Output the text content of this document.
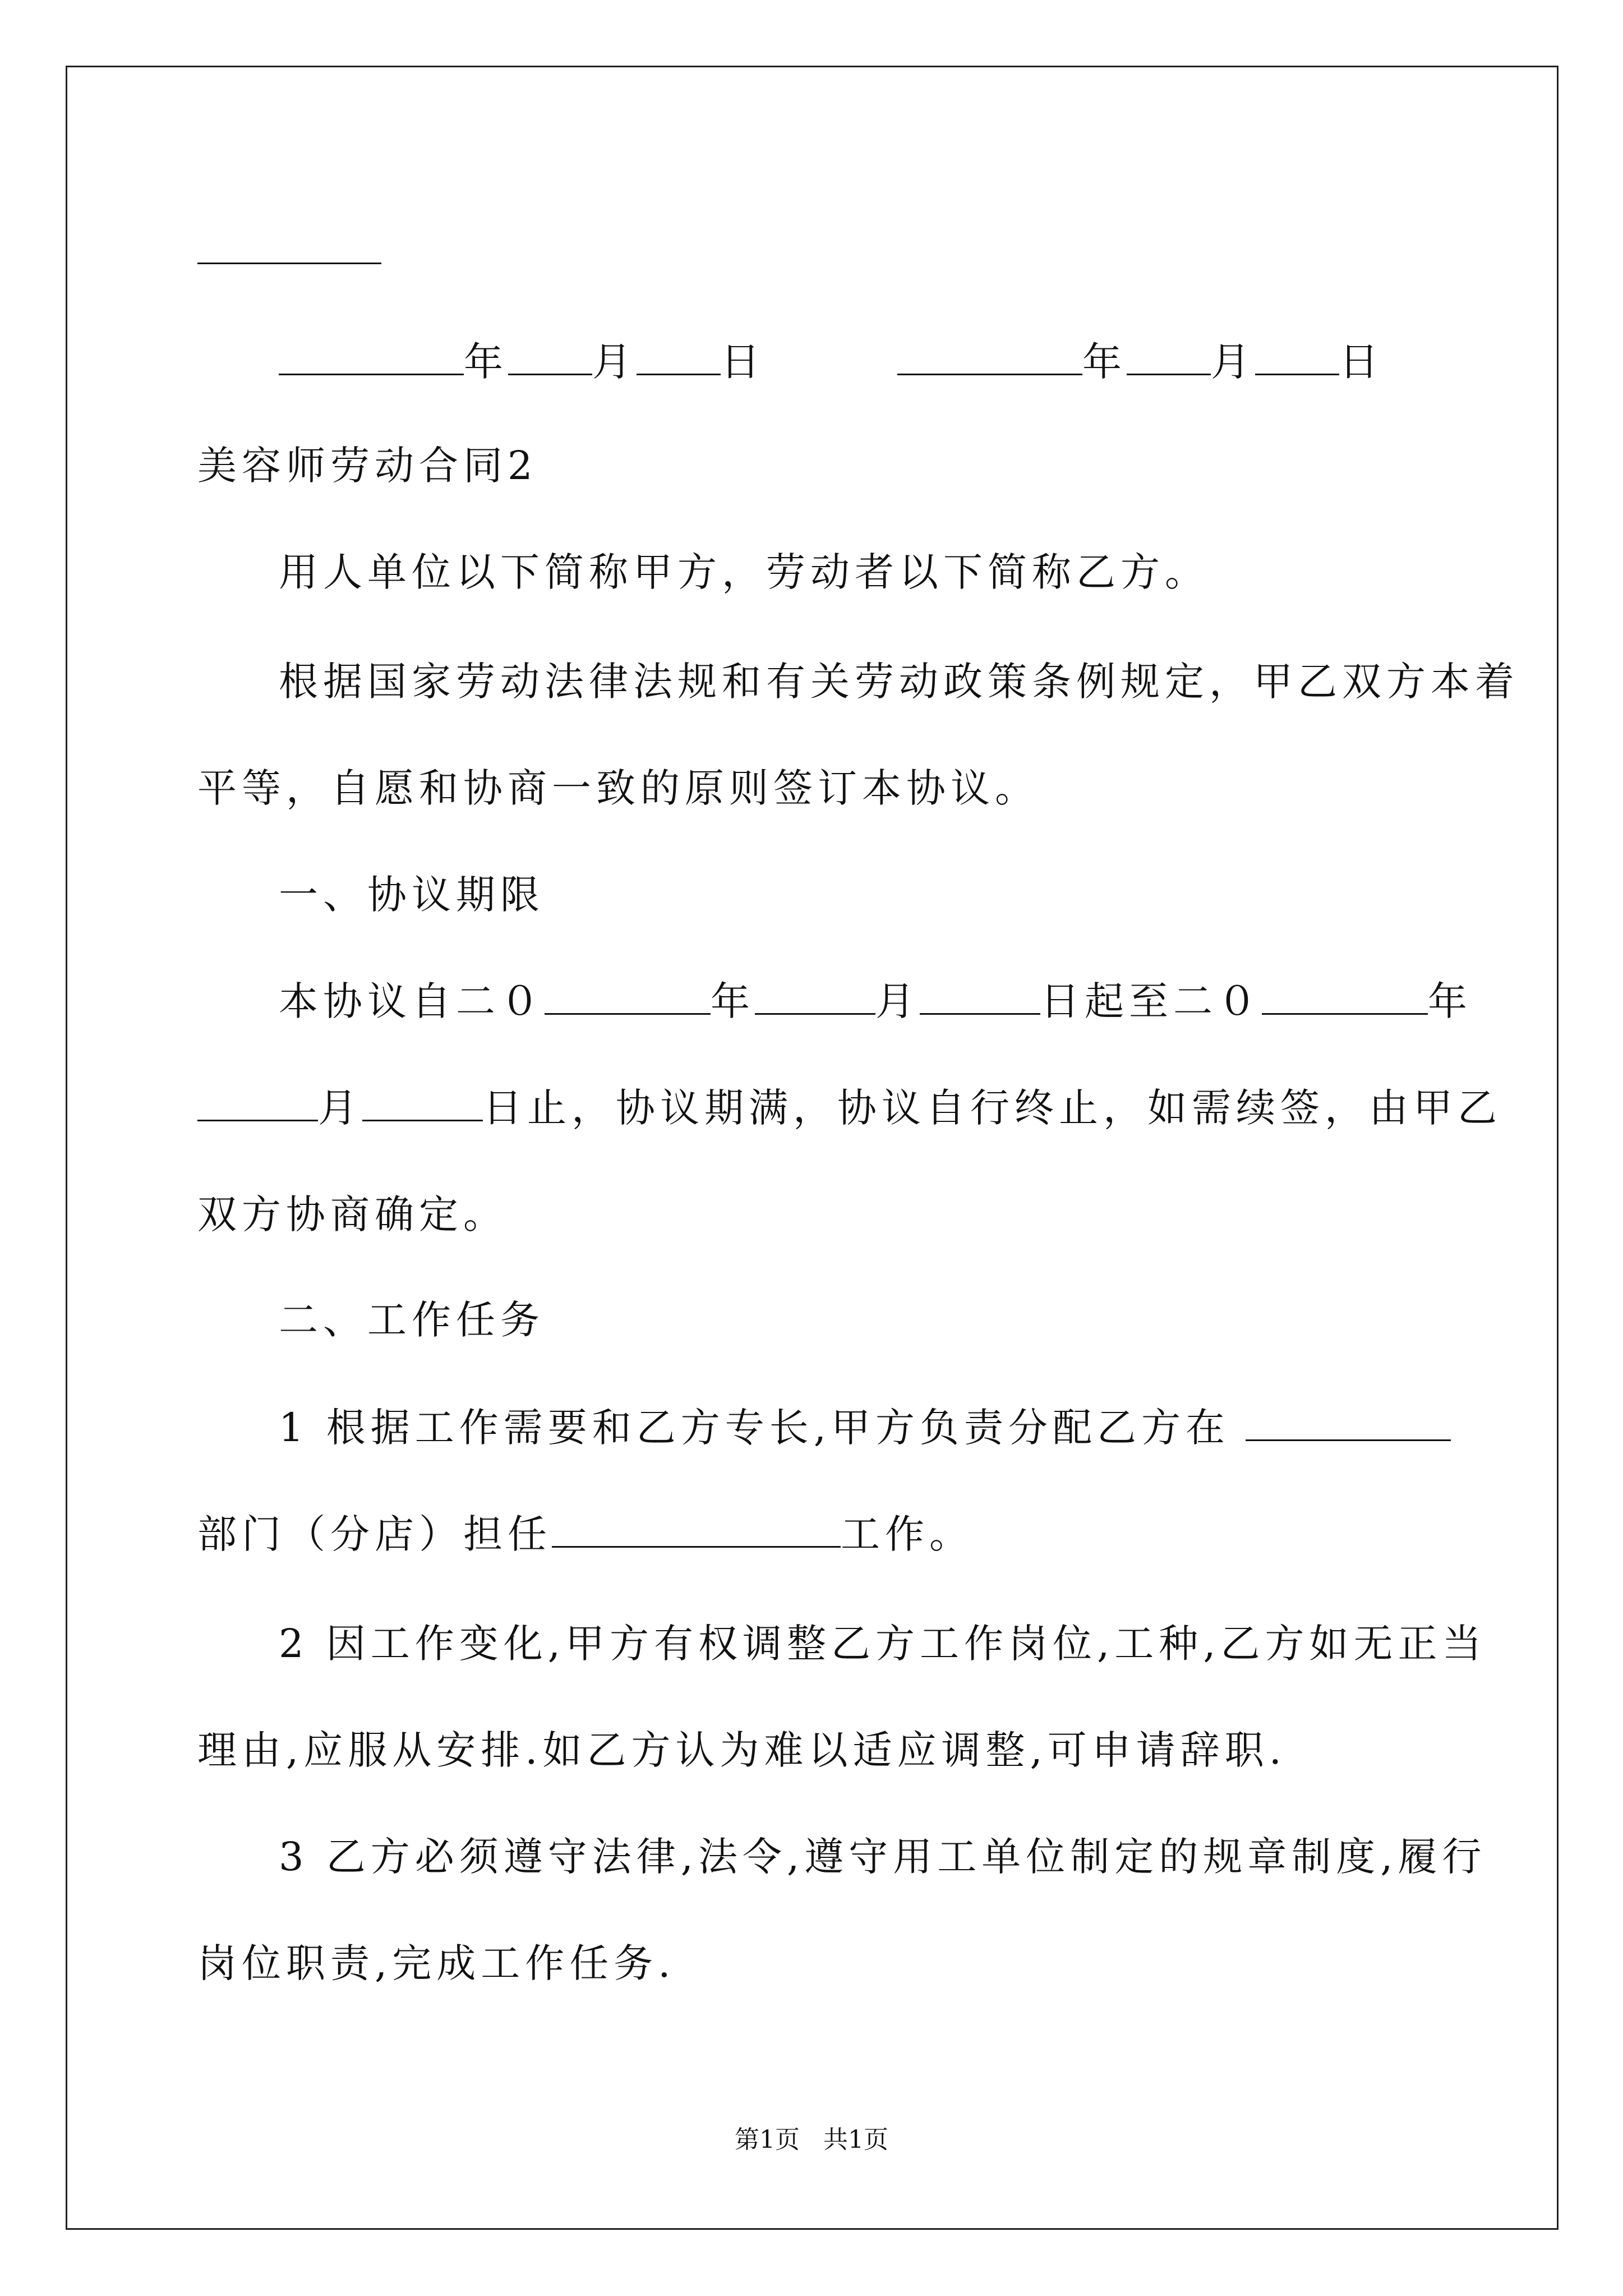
年 月 日	年 月 日
美容师劳动合同2
用人单位以下简称甲方，劳动者以下简称乙方。
根据国家劳动法律法规和有关劳动政策条例规定，甲乙双方本着
平等，自愿和协商一致的原则签订本协议。
一、协议期限
本协议自二０	年	月	日起至二０	年
月	日止，协议期满，协议自行终止，如需续签，由甲乙
双方协商确定。
二、工作任务
1 根据工作需要和乙方专长,甲方负责分配乙方在
部门（分店）担任	工作。
2 因工作变化,甲方有权调整乙方工作岗位,工种,乙方如无正当
理由,应服从安排.如乙方认为难以适应调整,可申请辞职.
3 乙方必须遵守法律,法令,遵守用工单位制定的规章制度,履行
岗位职责,完成工作任务.
第1页   共1页
